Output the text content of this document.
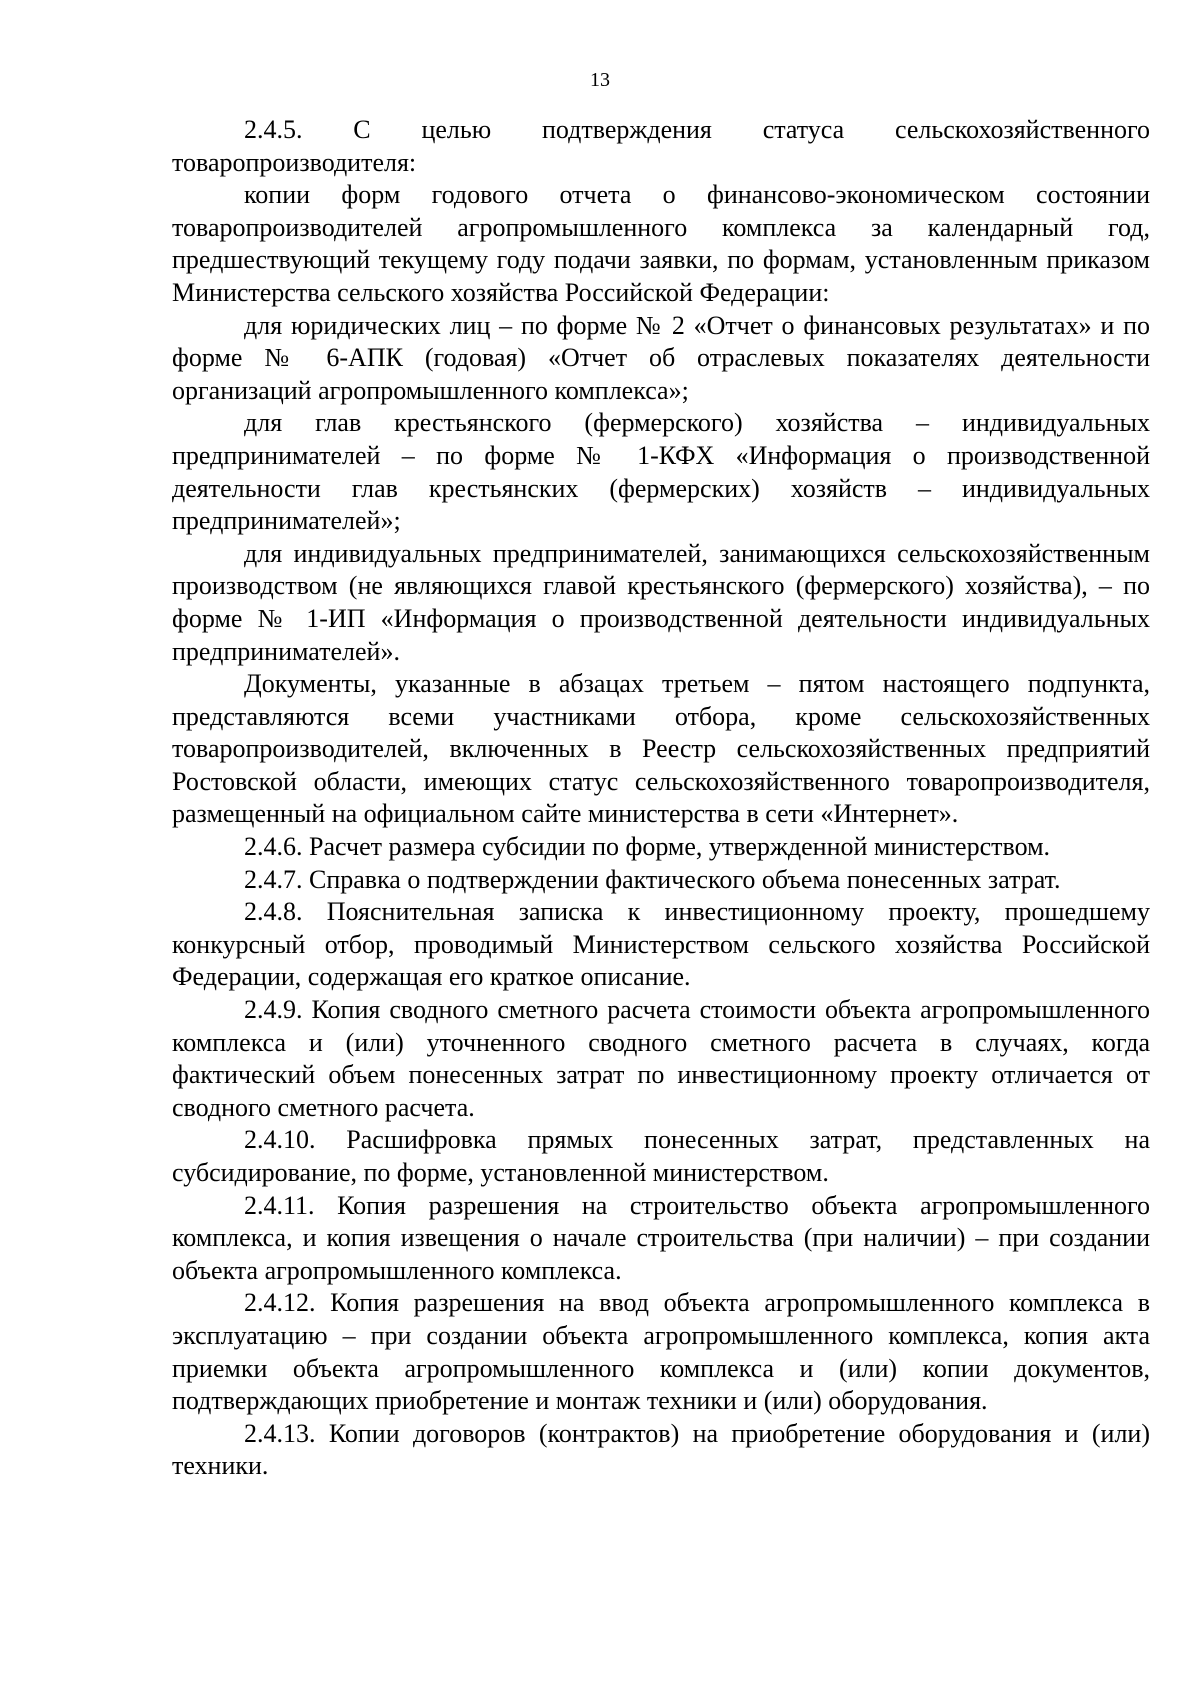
13

2.4.5. С целью подтверждения статуса сельскохозяйственного товаропроизводителя:

копии форм годового отчета о финансово-экономическом состоянии товаропроизводителей агропромышленного комплекса за календарный год, предшествующий текущему году подачи заявки, по формам, установленным приказом Министерства сельского хозяйства Российской Федерации:

для юридических лиц – по форме № 2 «Отчет о финансовых результатах» и по форме № 6-АПК (годовая) «Отчет об отраслевых показателях деятельности организаций агропромышленного комплекса»;

для глав крестьянского (фермерского) хозяйства – индивидуальных предпринимателей – по форме № 1-КФХ «Информация о производственной деятельности глав крестьянских (фермерских) хозяйств – индивидуальных предпринимателей»;

для индивидуальных предпринимателей, занимающихся сельскохозяйственным производством (не являющихся главой крестьянского (фермерского) хозяйства), – по форме № 1-ИП «Информация о производственной деятельности индивидуальных предпринимателей».

Документы, указанные в абзацах третьем – пятом настоящего подпункта, представляются всеми участниками отбора, кроме сельскохозяйственных товаропроизводителей, включенных в Реестр сельскохозяйственных предприятий Ростовской области, имеющих статус сельскохозяйственного товаропроизводителя, размещенный на официальном сайте министерства в сети «Интернет».

2.4.6. Расчет размера субсидии по форме, утвержденной министерством.

2.4.7. Справка о подтверждении фактического объема понесенных затрат.

2.4.8. Пояснительная записка к инвестиционному проекту, прошедшему конкурсный отбор, проводимый Министерством сельского хозяйства Российской Федерации, содержащая его краткое описание.

2.4.9. Копия сводного сметного расчета стоимости объекта агропромышленного комплекса и (или) уточненного сводного сметного расчета в случаях, когда фактический объем понесенных затрат по инвестиционному проекту отличается от сводного сметного расчета.

2.4.10. Расшифровка прямых понесенных затрат, представленных на субсидирование, по форме, установленной министерством.

2.4.11. Копия разрешения на строительство объекта агропромышленного комплекса, и копия извещения о начале строительства (при наличии) – при создании объекта агропромышленного комплекса.

2.4.12. Копия разрешения на ввод объекта агропромышленного комплекса в эксплуатацию – при создании объекта агропромышленного комплекса, копия акта приемки объекта агропромышленного комплекса и (или) копии документов, подтверждающих приобретение и монтаж техники и (или) оборудования.

2.4.13. Копии договоров (контрактов) на приобретение оборудования и (или) техники.
